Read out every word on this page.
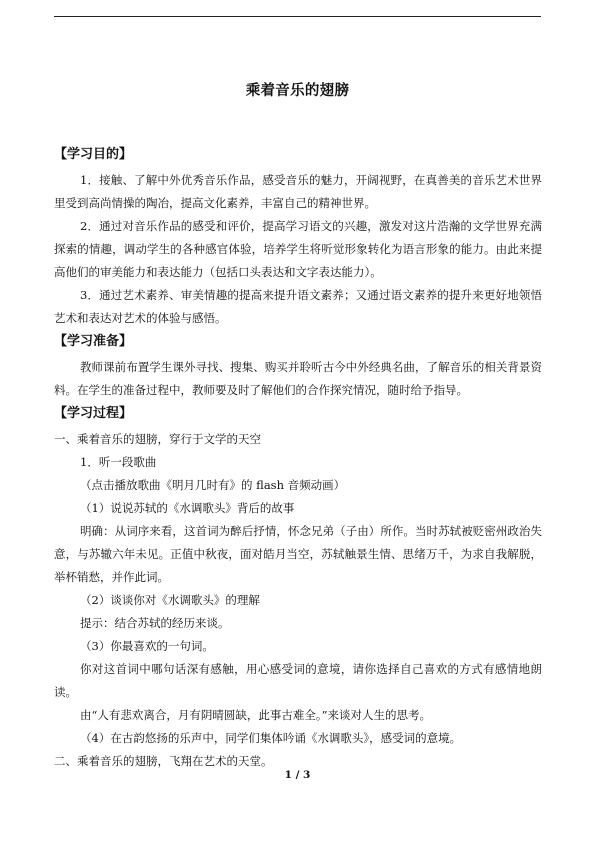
乘着音乐的翅膀
【学习目的】

1．接触、了解中外优秀音乐作品，感受音乐的魅力，开阔视野，在真善美的音乐艺术世界里受到高尚情操的陶冶，提高文化素养，丰富自己的精神世界。

2．通过对音乐作品的感受和评价，提高学习语文的兴趣，激发对这片浩瀚的文学世界充满探索的情趣，调动学生的各种感官体验，培养学生将听觉形象转化为语言形象的能力。由此来提高他们的审美能力和表达能力（包括口头表达和文字表达能力）。

3．通过艺术素养、审美情趣的提高来提升语文素养；又通过语文素养的提升来更好地领悟艺术和表达对艺术的体验与感悟。

【学习准备】

教师课前布置学生课外寻找、搜集、购买并聆听古今中外经典名曲，了解音乐的相关背景资料。在学生的准备过程中，教师要及时了解他们的合作探究情况，随时给予指导。

【学习过程】
一、乘着音乐的翅膀，穿行于文学的天空
1．听一段歌曲
（点击播放歌曲《明月几时有》的 flash 音频动画）
（1）说说苏轼的《水调歌头》背后的故事

明确：从词序来看，这首词为醉后抒情，怀念兄弟（子由）所作。当时苏轼被贬密州政治失意，与苏辙六年未见。正值中秋夜，面对皓月当空，苏轼触景生情、思绪万千，为求自我解脱，举杯销愁，并作此词。

（2）谈谈你对《水调歌头》的理解
提示：结合苏轼的经历来谈。
（3）你最喜欢的一句词。

你对这首词中哪句话深有感触，用心感受词的意境，请你选择自己喜欢的方式有感情地朗读。

由“人有悲欢离合，月有阴晴圆缺，此事古难全。”来谈对人生的思考。
（4）在古韵悠扬的乐声中，同学们集体吟诵《水调歌头》，感受词的意境。
二、乘着音乐的翅膀，飞翔在艺术的天堂。
1 / 3
